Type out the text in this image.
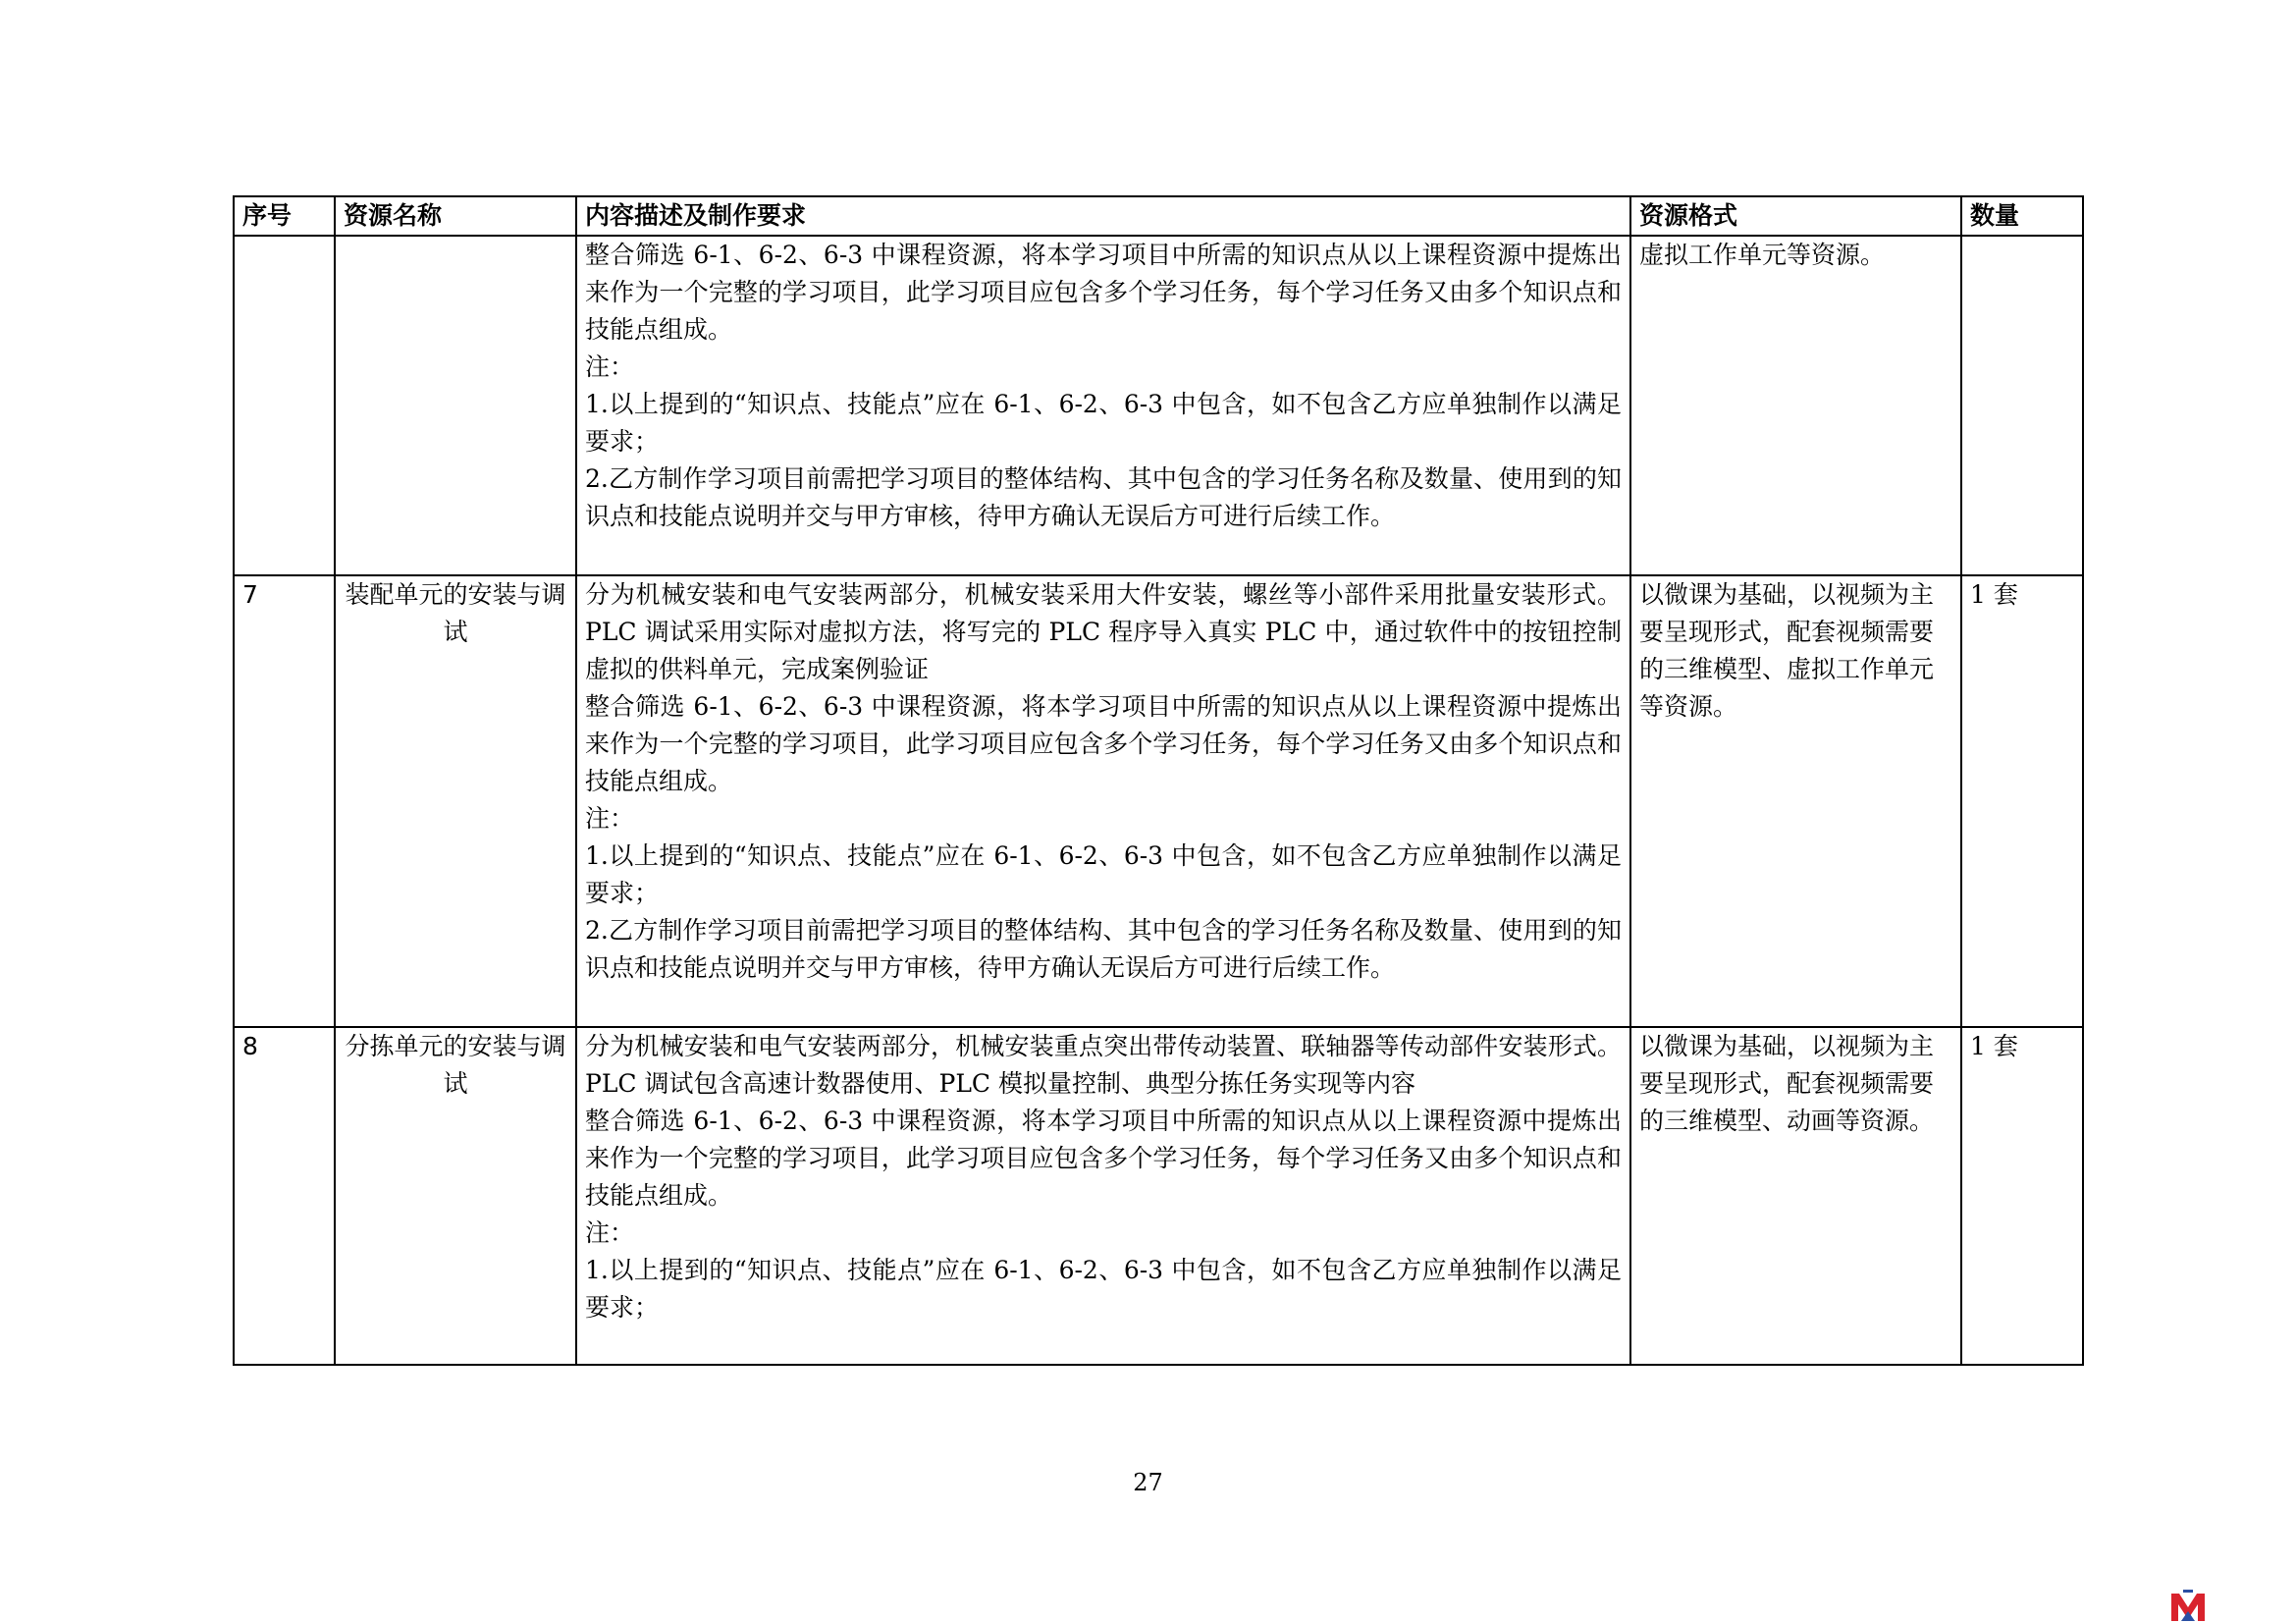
序号	资源名称	内容描述及制作要求	资源格式	数量

		整合筛选 6-1、6-2、6-3 中课程资源，将本学习项目中所需的知识点从以上课程资源中提炼出来作为一个完整的学习项目，此学习项目应包含多个学习任务，每个学习任务又由多个知识点和技能点组成。
注：
1.以上提到的“知识点、技能点”应在 6-1、6-2、6-3 中包含，如不包含乙方应单独制作以满足要求；
2.乙方制作学习项目前需把学习项目的整体结构、其中包含的学习任务名称及数量、使用到的知识点和技能点说明并交与甲方审核，待甲方确认无误后方可进行后续工作。	虚拟工作单元等资源。	
7	装配单元的安装与调试	分为机械安装和电气安装两部分，机械安装采用大件安装，螺丝等小部件采用批量安装形式。PLC 调试采用实际对虚拟方法，将写完的 PLC 程序导入真实 PLC 中，通过软件中的按钮控制虚拟的供料单元，完成案例验证
整合筛选 6-1、6-2、6-3 中课程资源，将本学习项目中所需的知识点从以上课程资源中提炼出来作为一个完整的学习项目，此学习项目应包含多个学习任务，每个学习任务又由多个知识点和技能点组成。
注：
1.以上提到的“知识点、技能点”应在 6-1、6-2、6-3 中包含，如不包含乙方应单独制作以满足要求；
2.乙方制作学习项目前需把学习项目的整体结构、其中包含的学习任务名称及数量、使用到的知识点和技能点说明并交与甲方审核，待甲方确认无误后方可进行后续工作。	以微课为基础，以视频为主要呈现形式，配套视频需要的三维模型、虚拟工作单元等资源。	1 套
8	分拣单元的安装与调试	分为机械安装和电气安装两部分，机械安装重点突出带传动装置、联轴器等传动部件安装形式。PLC 调试包含高速计数器使用、PLC 模拟量控制、典型分拣任务实现等内容
整合筛选 6-1、6-2、6-3 中课程资源，将本学习项目中所需的知识点从以上课程资源中提炼出来作为一个完整的学习项目，此学习项目应包含多个学习任务，每个学习任务又由多个知识点和技能点组成。
注：
1.以上提到的“知识点、技能点”应在 6-1、6-2、6-3 中包含，如不包含乙方应单独制作以满足要求；	以微课为基础，以视频为主要呈现形式，配套视频需要的三维模型、动画等资源。	1 套
27
